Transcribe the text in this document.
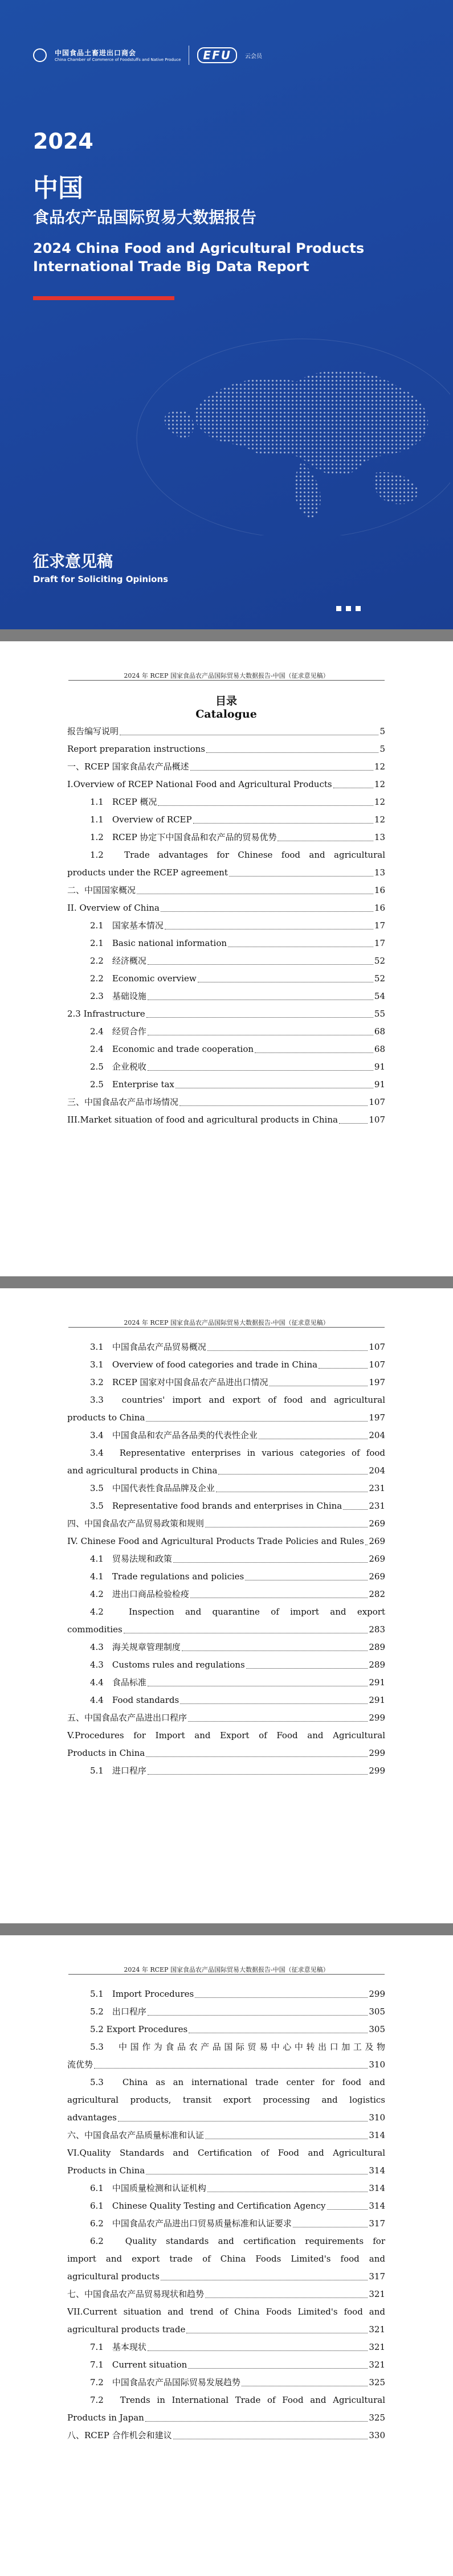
中国食品土畜进出口商会
China Chamber of Commerce of Foodstuffs and Native Produce	EFU	云会员
2024
中国
食品农产品国际贸易大数据报告
2024 China Food and Agricultural Products
International Trade Big Data Report
征求意见稿
Draft for Soliciting Opinions
2024 年 RCEP 国家食品农产品国际贸易大数据报告-中国（征求意见稿）
目录
Catalogue
报告编写说明	5
Report preparation instructions	5
一、RCEP 国家食品农产品概述	12
I.Overview of RCEP National Food and Agricultural Products	12
1.1　RCEP 概况	12
1.1　Overview of RCEP	12
1.2　RCEP 协定下中国食品和农产品的贸易优势	13
1.2　Trade advantages for Chinese food and agricultural
products under the RCEP agreement	13
二、中国国家概况	16
II. Overview of China	16
2.1　国家基本情况	17
2.1　Basic national information	17
2.2　经济概况	52
2.2　Economic overview	52
2.3　基础设施	54
2.3 Infrastructure	55
2.4　经贸合作	68
2.4　Economic and trade cooperation	68
2.5　企业税收	91
2.5　Enterprise tax	91
三、中国食品农产品市场情况	107
III.Market situation of food and agricultural products in China	107
2024 年 RCEP 国家食品农产品国际贸易大数据报告-中国（征求意见稿）
3.1　中国食品农产品贸易概况	107
3.1　Overview of food categories and trade in China	107
3.2　RCEP 国家对中国食品农产品进出口情况	197
3.3　countries' import and export of food and agricultural
products to China	197
3.4　中国食品和农产品各品类的代表性企业	204
3.4　Representative enterprises in various categories of food
and agricultural products in China	204
3.5　中国代表性食品品牌及企业	231
3.5　Representative food brands and enterprises in China	231
四、中国食品农产品贸易政策和规则	269
IV. Chinese Food and Agricultural Products Trade Policies and Rules 269
4.1　贸易法规和政策	269
4.1　Trade regulations and policies	269
4.2　进出口商品检验检疫	282
4.2　Inspection and quarantine of import and export
commodities	283
4.3　海关规章管理制度	289
4.3　Customs rules and regulations	289
4.4　食品标准	291
4.4　Food standards	291
五、中国食品农产品进出口程序	299
V.Procedures for Import and Export of Food and Agricultural
Products in China	299
5.1　进口程序	299
2024 年 RCEP 国家食品农产品国际贸易大数据报告-中国（征求意见稿）
5.1　Import Procedures	299
5.2　出口程序	305
5.2 Export Procedures	305
5.3　中国作为食品农产品国际贸易中心中转出口加工及物
流优势	310
5.3　China as an international trade center for food and
agricultural products, transit export processing and logistics
advantages	310
六、中国食品农产品质量标准和认证	314
VI.Quality Standards and Certification of Food and Agricultural
Products in China	314
6.1　中国质量检测和认证机构	314
6.1　Chinese Quality Testing and Certification Agency	314
6.2　中国食品农产品进出口贸易质量标准和认证要求	317
6.2　Quality standards and certification requirements for
import and export trade of China Foods Limited's food and
agricultural products	317
七、中国食品农产品贸易现状和趋势	321
VII.Current situation and trend of China Foods Limited's food and
agricultural products trade	321
7.1　基本现状	321
7.1　Current situation	321
7.2　中国食品农产品国际贸易发展趋势	325
7.2　Trends in International Trade of Food and Agricultural
Products in Japan	325
八、RCEP 合作机会和建议	330
